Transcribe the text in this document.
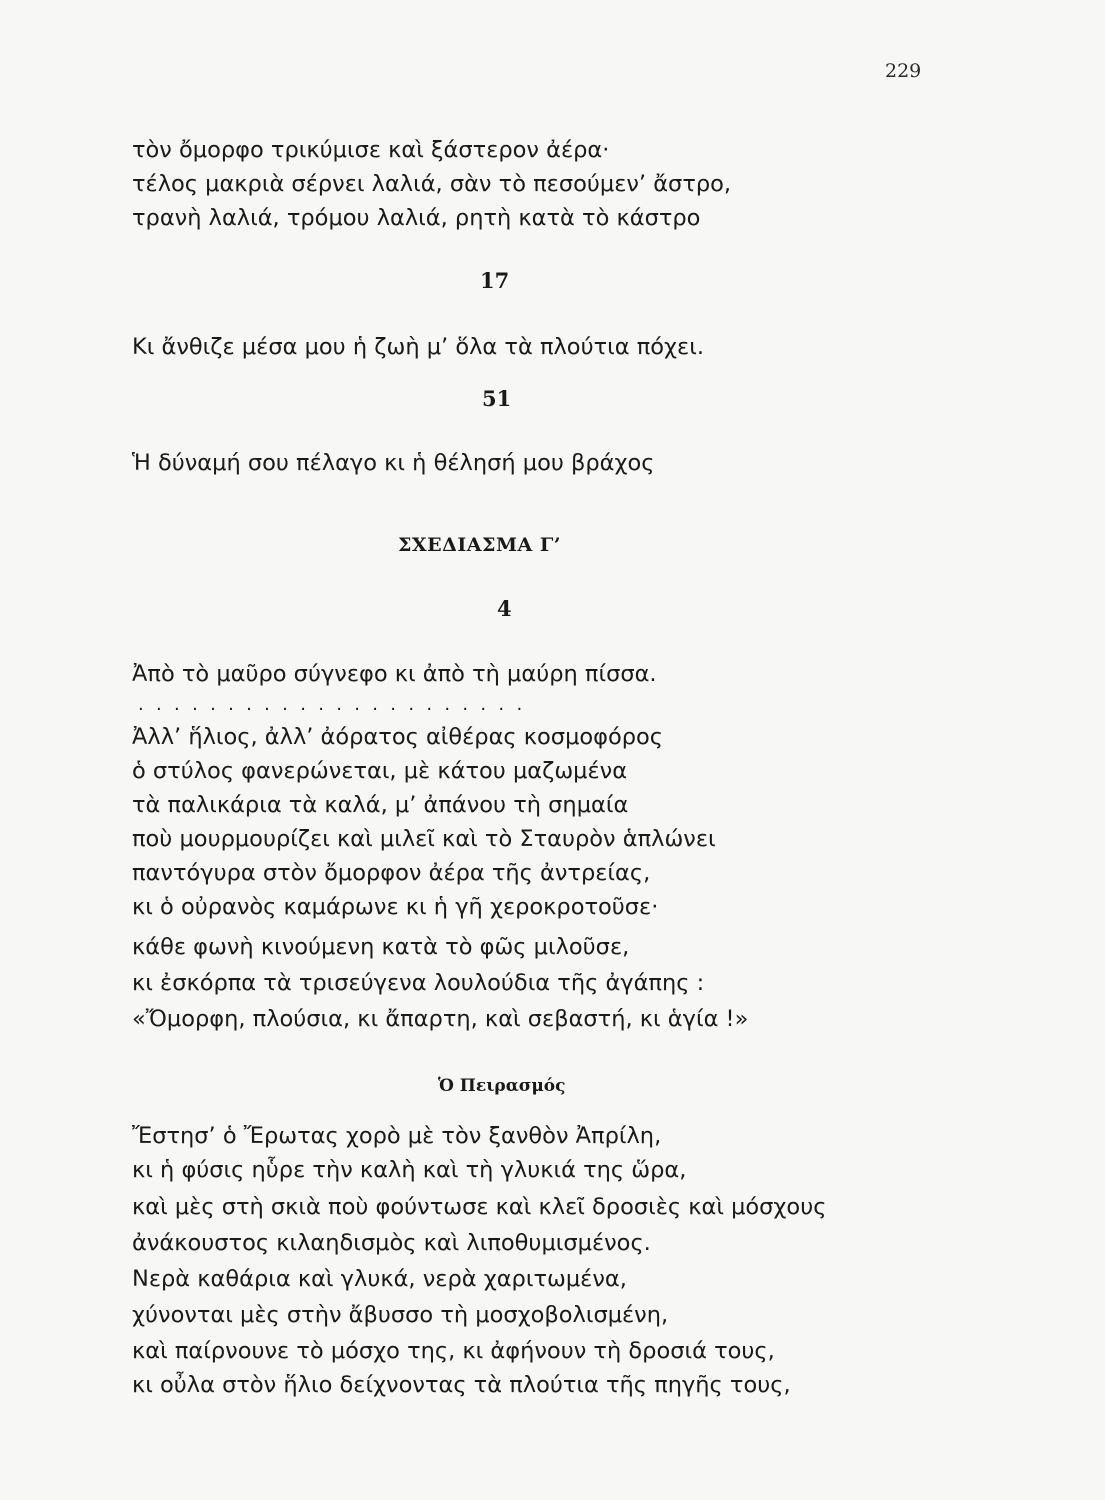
229
τὸν ὄμορφο τρικύμισε καὶ ξάστερον ἀέρα·
τέλος μακριὰ σέρνει λαλιά, σὰν τὸ πεσούμεν’ ἄστρο,
τρανὴ λαλιά, τρόμου λαλιά, ρητὴ κατὰ τὸ κάστρο
17
Κι ἄνθιζε μέσα μου ἡ ζωὴ μ’ ὅλα τὰ πλούτια πόχει.
51
Ἡ δύναμή σου πέλαγο κι ἡ θέλησή μου βράχος
ΣΧΕΔΙΑΣΜΑ Γ’
4
Ἀπὸ τὸ μαῦρο σύγνεφο κι ἀπὸ τὴ μαύρη πίσσα.
......................
Ἀλλ’ ἥλιος, ἀλλ’ ἀόρατος αἰθέρας κοσμοφόρος
ὁ στύλος φανερώνεται, μὲ κάτου μαζωμένα
τὰ παλικάρια τὰ καλά, μ’ ἀπάνου τὴ σημαία
ποὺ μουρμουρίζει καὶ μιλεῖ καὶ τὸ Σταυρὸν ἁπλώνει
παντόγυρα στὸν ὄμορφον ἀέρα τῆς ἀντρείας,
κι ὁ οὐρανὸς καμάρωνε κι ἡ γῆ χεροκροτοῦσε·
κάθε φωνὴ κινούμενη κατὰ τὸ φῶς μιλοῦσε,
κι ἐσκόρπα τὰ τρισεύγενα λουλούδια τῆς ἀγάπης :
«Ὄμορφη, πλούσια, κι ἄπαρτη, καὶ σεβαστή, κι ἁγία !»
Ὁ Πειρασμός
Ἔστησ’ ὁ Ἔρωτας χορὸ μὲ τὸν ξανθὸν Ἀπρίλη,
κι ἡ φύσις ηὗρε τὴν καλὴ καὶ τὴ γλυκιά της ὥρα,
καὶ μὲς στὴ σκιὰ ποὺ φούντωσε καὶ κλεῖ δροσιὲς καὶ μόσχους
ἀνάκουστος κιλαηδισμὸς καὶ λιποθυμισμένος.
Νερὰ καθάρια καὶ γλυκά, νερὰ χαριτωμένα,
χύνονται μὲς στὴν ἄβυσσο τὴ μοσχοβολισμένη,
καὶ παίρνουνε τὸ μόσχο της, κι ἀφήνουν τὴ δροσιά τους,
κι οὖλα στὸν ἥλιο δείχνοντας τὰ πλούτια τῆς πηγῆς τους,
